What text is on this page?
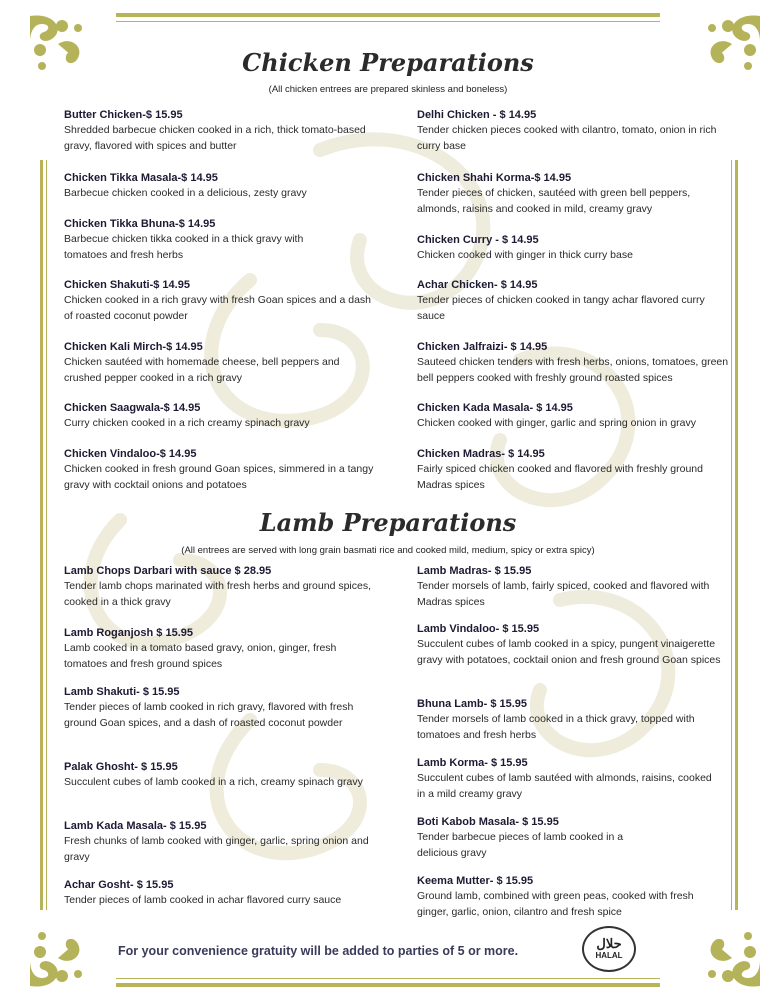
Chicken Preparations
(All chicken entrees are prepared skinless and boneless)
Butter Chicken-$ 15.95
Shredded barbecue chicken cooked in a rich, thick tomato-based gravy, flavored with spices and butter
Chicken Tikka Masala-$ 14.95
Barbecue chicken cooked in a delicious, zesty gravy
Chicken Tikka Bhuna-$ 14.95
Barbecue chicken tikka cooked in a thick gravy with tomatoes and fresh herbs
Chicken Shakuti-$ 14.95
Chicken cooked in a rich gravy with fresh Goan spices and a dash of roasted coconut powder
Chicken Kali Mirch-$ 14.95
Chicken sautéed with homemade cheese, bell peppers and crushed pepper cooked in a rich gravy
Chicken Saagwala-$ 14.95
Curry chicken cooked in a rich creamy spinach gravy
Chicken Vindaloo-$ 14.95
Chicken cooked in fresh ground Goan spices, simmered in a tangy gravy with cocktail onions and potatoes
Delhi Chicken - $ 14.95
Tender chicken pieces cooked with cilantro, tomato, onion in rich curry base
Chicken Shahi Korma-$ 14.95
Tender pieces of chicken, sautéed with green bell peppers, almonds, raisins and cooked in mild, creamy gravy
Chicken Curry - $ 14.95
Chicken cooked with ginger in thick curry base
Achar Chicken- $ 14.95
Tender pieces of chicken cooked in tangy achar flavored curry sauce
Chicken Jalfraizi- $ 14.95
Sauteed chicken tenders with fresh herbs, onions, tomatoes, green bell peppers cooked with freshly ground roasted spices
Chicken Kada Masala- $ 14.95
Chicken cooked with ginger, garlic and spring onion in gravy
Chicken Madras- $ 14.95
Fairly spiced chicken cooked and flavored with freshly ground Madras spices
Lamb Preparations
(All entrees are served with long grain basmati rice and cooked mild, medium, spicy or extra spicy)
Lamb Chops Darbari with sauce $ 28.95
Tender lamb chops marinated with fresh herbs and ground spices, cooked in a thick gravy
Lamb Roganjosh $ 15.95
Lamb cooked in a tomato based gravy, onion, ginger, fresh tomatoes and fresh ground spices
Lamb Shakuti- $ 15.95
Tender pieces of lamb cooked in rich gravy, flavored with fresh ground Goan spices, and a dash of roasted coconut powder
Palak Ghosht- $ 15.95
Succulent cubes of lamb cooked in a rich, creamy spinach gravy
Lamb Kada Masala- $ 15.95
Fresh chunks of lamb cooked with ginger, garlic, spring onion and gravy
Achar Gosht- $ 15.95
Tender pieces of lamb cooked in achar flavored curry sauce
Lamb Madras- $ 15.95
Tender morsels of lamb, fairly spiced, cooked and flavored with Madras spices
Lamb Vindaloo- $ 15.95
Succulent cubes of lamb cooked in a spicy, pungent vinaigerette gravy with potatoes, cocktail onion and fresh ground Goan spices
Bhuna Lamb- $ 15.95
Tender morsels of lamb cooked in a thick gravy, topped with tomatoes and fresh herbs
Lamb Korma- $ 15.95
Succulent cubes of lamb sautéed with almonds, raisins, cooked in a mild creamy gravy
Boti Kabob Masala- $ 15.95
Tender barbecue pieces of lamb cooked in a delicious gravy
Keema Mutter- $ 15.95
Ground lamb, combined with green peas, cooked with fresh ginger, garlic, onion, cilantro and fresh spice
For your convenience gratuity will be added to parties of 5 or more.	حلال
HALAL
